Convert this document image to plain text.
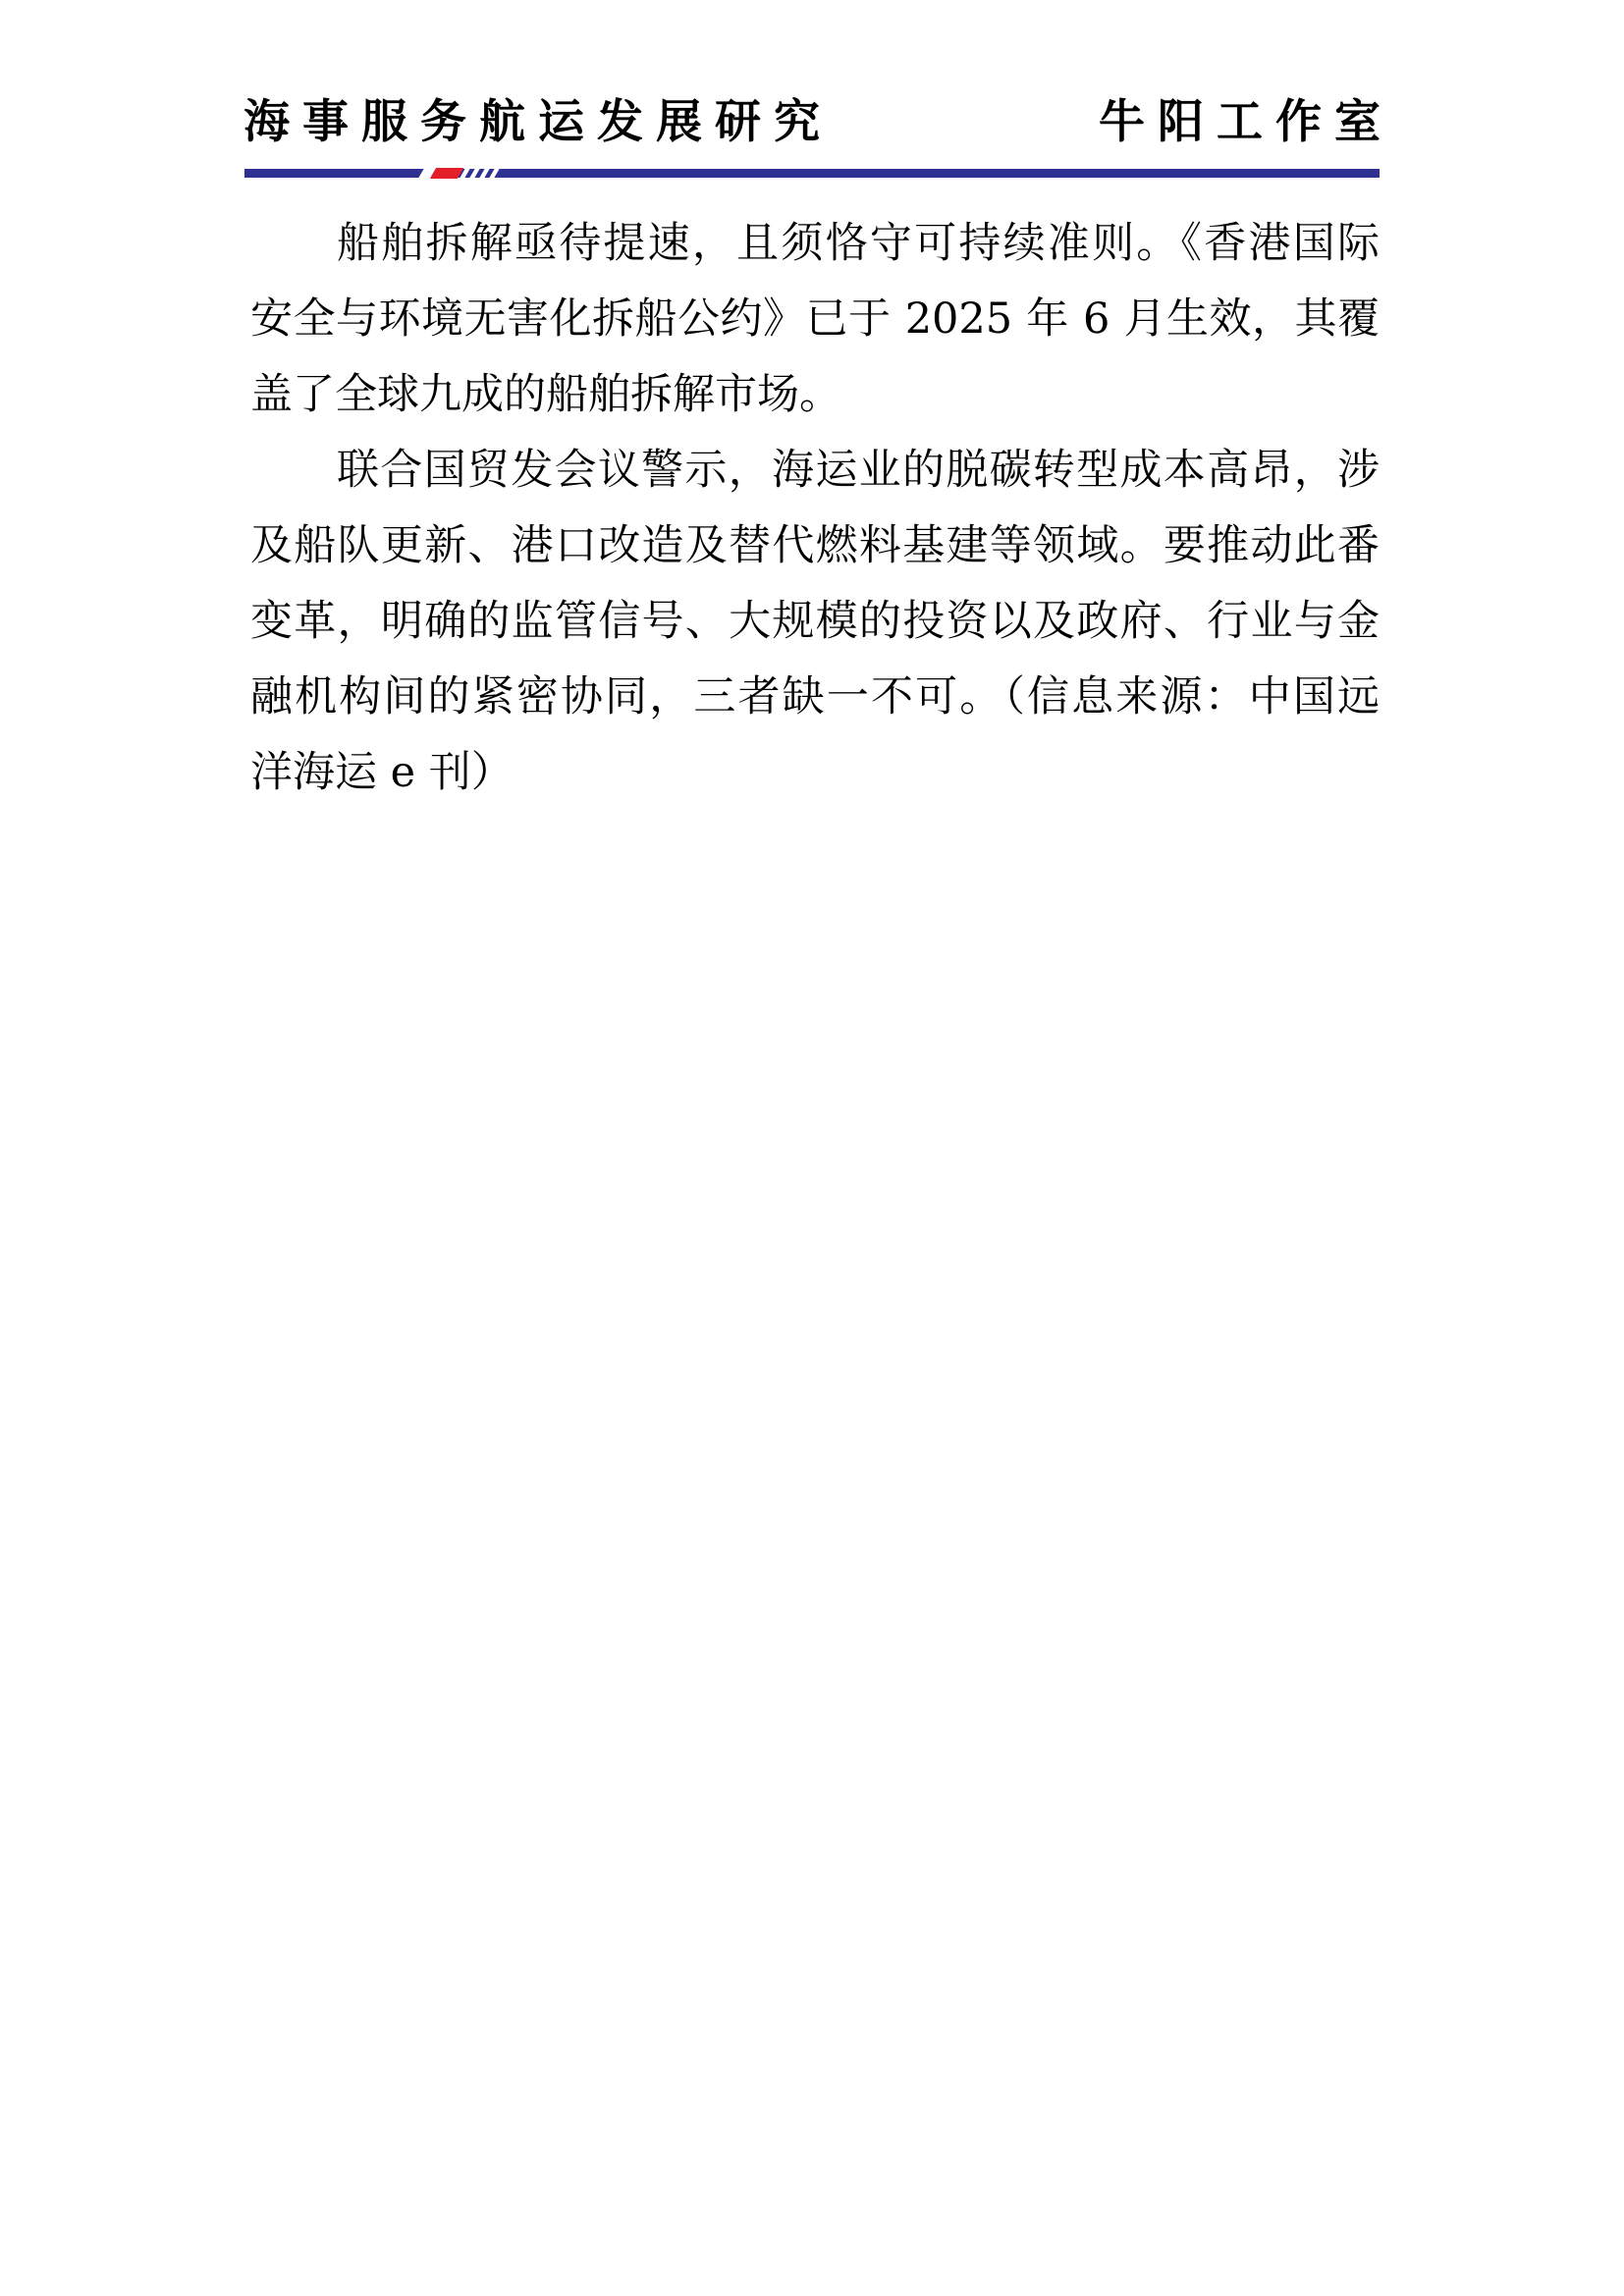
海事服务航运发展研究	牛阳工作室
船舶拆解亟待提速，且须恪守可持续准则。《香港国际
安全与环境无害化拆船公约》已于 2025 年 6 月生效，其覆
盖了全球九成的船舶拆解市场。
联合国贸发会议警示，海运业的脱碳转型成本高昂，涉
及船队更新、港口改造及替代燃料基建等领域。要推动此番
变革，明确的监管信号、大规模的投资以及政府、行业与金
融机构间的紧密协同，三者缺一不可。（信息来源：中国远
洋海运 e 刊）
